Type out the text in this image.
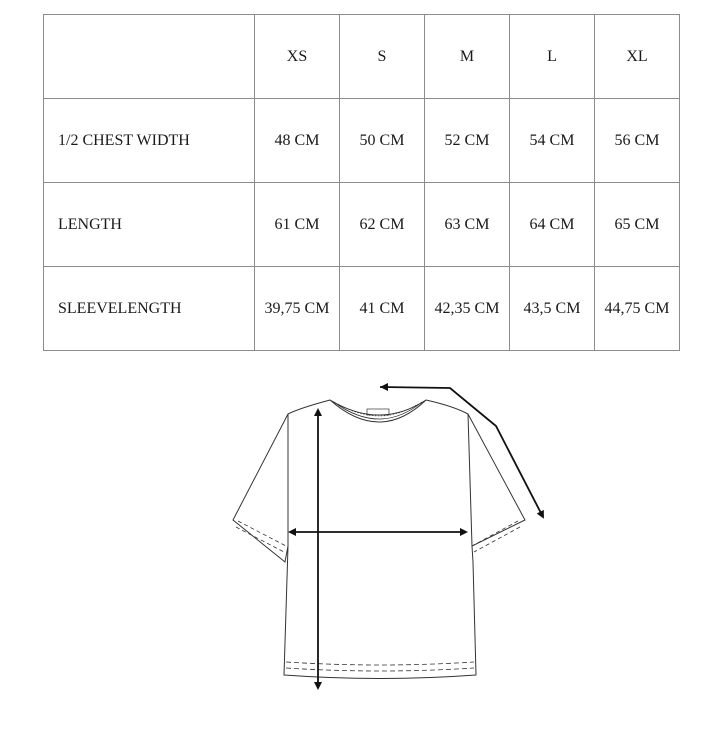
	XS	S	M	L	XL
1/2 CHEST WIDTH	48 CM	50 CM	52 CM	54 CM	56 CM
LENGTH	61 CM	62 CM	63 CM	64 CM	65 CM
SLEEVELENGTH	39,75 CM	41 CM	42,35 CM	43,5 CM	44,75 CM
